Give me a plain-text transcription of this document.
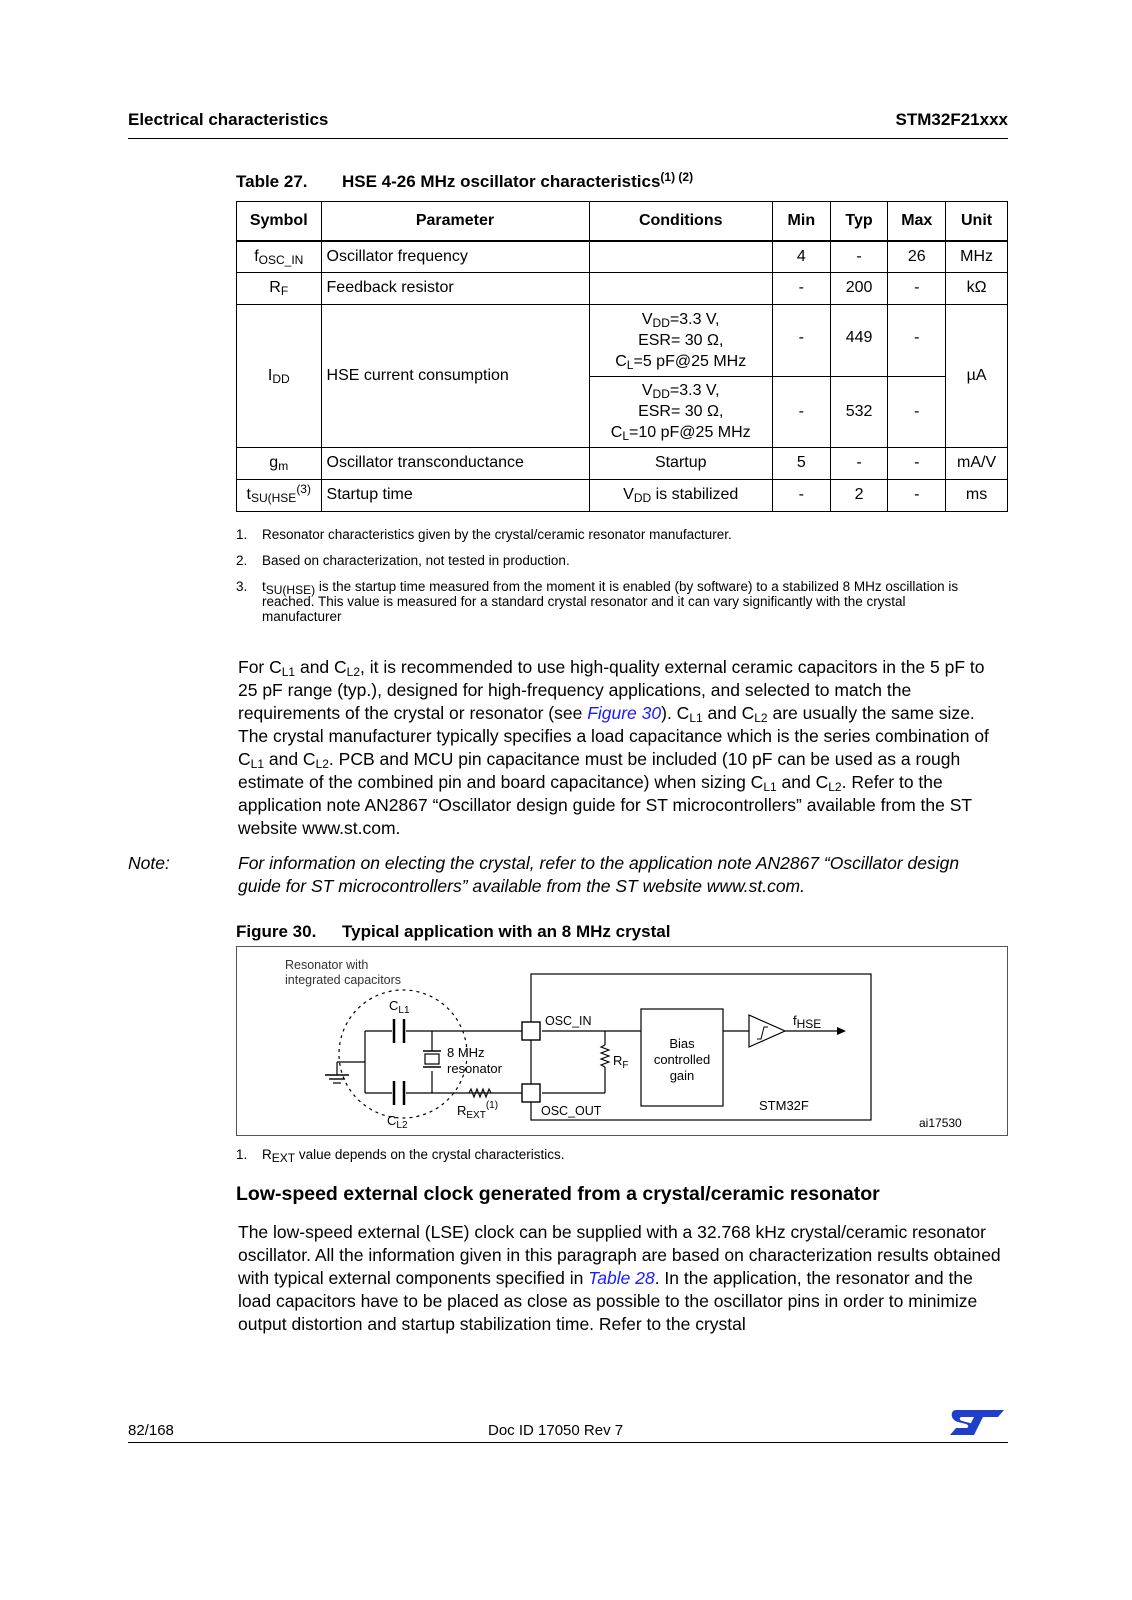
Electrical characteristics	STM32F21xxx
Table 27. HSE 4-26 MHz oscillator characteristics$^{(1) (2)}$
Symbol	Parameter	Conditions	Min	Typ	Max	Unit
$f_{OSC\_IN}$	Oscillator frequency		4	-	26	MHz
$R_F$	Feedback resistor		-	200	-	kΩ
$I_{DD}$	HSE current consumption	$V_{DD}=3.3$ V,
ESR= 30 Ω,
$C_L=5$ pF@25 MHz	-	449	-	µA

		$V_{DD}=3.3$ V,
ESR= 30 Ω,
$C_L=10$ pF@25 MHz	-	532	-	
$g_m$	Oscillator transconductance	Startup	5	-	-	mA/V
$t_{SU(HSE}^{(3)}$	Startup time	$V_{DD}$ is stabilized	-	2	-	ms
1. Resonator characteristics given by the crystal/ceramic resonator manufacturer.
2. Based on characterization, not tested in production.
3. $t_{SU(HSE)}$ is the startup time measured from the moment it is enabled (by software) to a stabilized 8 MHz oscillation is reached. This value is measured for a standard crystal resonator and it can vary significantly with the crystal manufacturer
For $C_{L1}$ and $C_{L2}$, it is recommended to use high-quality external ceramic capacitors in the 5 pF to 25 pF range (typ.), designed for high-frequency applications, and selected to match the requirements of the crystal or resonator (see Figure 30). $C_{L1}$ and $C_{L2}$ are usually the same size. The crystal manufacturer typically specifies a load capacitance which is the series combination of $C_{L1}$ and $C_{L2}$. PCB and MCU pin capacitance must be included (10 pF can be used as a rough estimate of the combined pin and board capacitance) when sizing $C_{L1}$ and $C_{L2}$. Refer to the application note AN2867 “Oscillator design guide for ST microcontrollers” available from the ST website www.st.com.
Note:	For information on electing the crystal, refer to the application note AN2867 “Oscillator design guide for ST microcontrollers” available from the ST website www.st.com.
Figure 30. Typical application with an 8 MHz crystal
Resonator with
integrated capacitors
$C_{L1}$
$C_{L2}$
8 MHz
resonator
$R_{EXT}^{(1)}$
OSC_IN
OSC_OUT
$R_F$
Bias
controlled
gain
fHSE
STM32F
ai17530
1. $R_{EXT}$ value depends on the crystal characteristics.
Low-speed external clock generated from a crystal/ceramic resonator
The low-speed external (LSE) clock can be supplied with a 32.768 kHz crystal/ceramic resonator oscillator. All the information given in this paragraph are based on characterization results obtained with typical external components specified in Table 28. In the application, the resonator and the load capacitors have to be placed as close as possible to the oscillator pins in order to minimize output distortion and startup stabilization time. Refer to the crystal
82/168	Doc ID 17050 Rev 7
